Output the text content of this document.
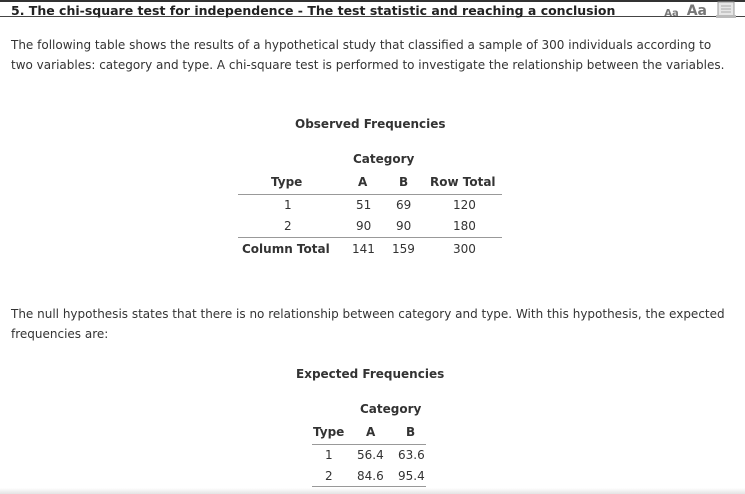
5. The chi-square test for independence - The test statistic and reaching a conclusion	Aa Aa
The following table shows the results of a hypothetical study that classified a sample of 300 individuals according to two variables: category and type. A chi-square test is performed to investigate the relationship between the variables.
Observed Frequencies
Category
Type	A	B Row Total
1	51 69	120
2	90 90	180
Column Total 141 159	300
The null hypothesis states that there is no relationship between category and type. With this hypothesis, the expected frequencies are:
Expected Frequencies
Category
Type A	B
1 56.4 63.6
2 84.6 95.4
